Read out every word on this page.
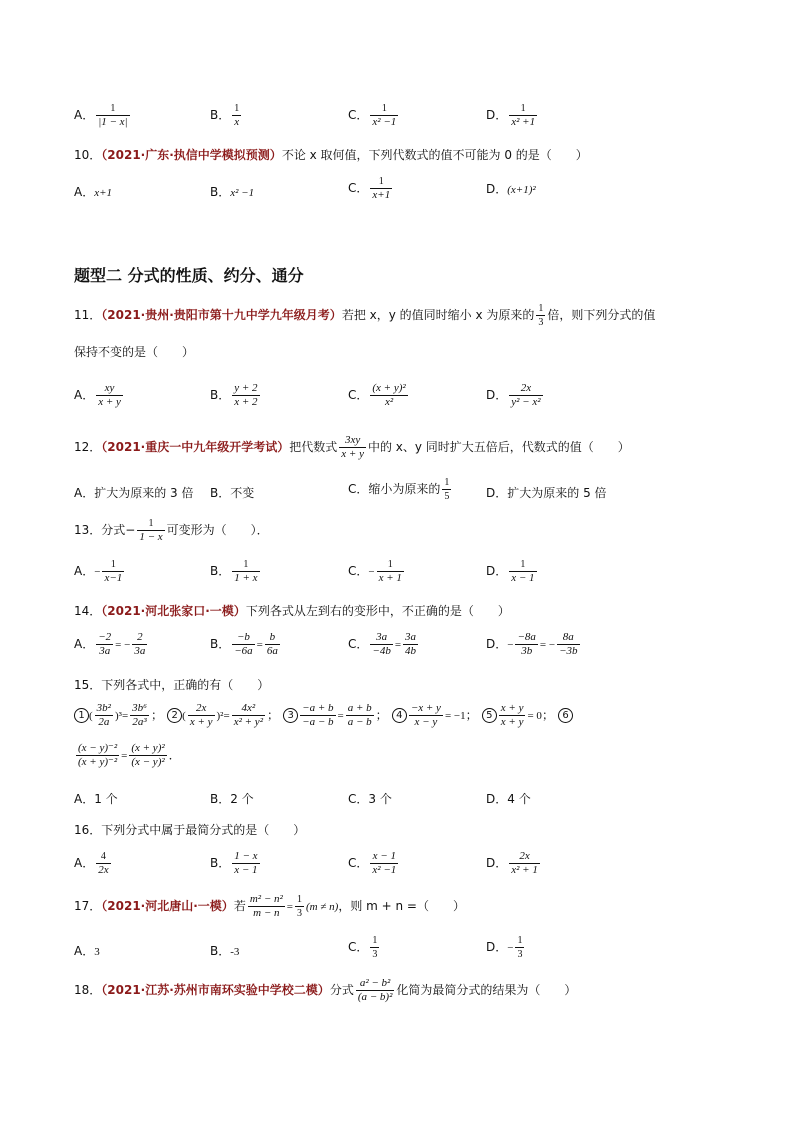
A． $\frac{1}{|1 - x|}$	B． $\frac{1}{x}$	C． $\frac{1}{\text{x² −1}}$	D． $\frac{1}{\text{x² +1}}$
10．（2021·广东·执信中学模拟预测）不论 x 取何值，下列代数式的值不可能为 0 的是（　　）
A．x+1	B．x² −1	C． $\frac{1}{x+1}$	D．(x+1)²
题型二 分式的性质、约分、通分
11．（2021·贵州·贵阳市第十九中学九年级月考）若把 x，y 的值同时缩小 x 为原来的 $\frac{1}{3}$ 倍，则下列分式的值
保持不变的是（　　）
A． $\frac{xy}{x + y}$	B． $\frac{y + 2}{x + 2}$	C． $\frac{\text{(x + y)²}}{\text{x²}}$	D． $\frac{2x}{\text{y² − x²}}$
12．（2021·重庆一中九年级开学考试）把代数式 $\frac{3xy}{x + y}$ 中的 x、y 同时扩大五倍后，代数式的值（　　）
A．扩大为原来的 3 倍 B．不变	C．缩小为原来的 $\frac{1}{5}$	D．扩大为原来的 5 倍
13．分式− $\frac{1}{1 - x}$ 可变形为（　　）．
A．− $\frac{1}{x-1}$	B． $\frac{1}{1 + x}$	C．− $\frac{1}{x + 1}$	D． $\frac{1}{x - 1}$
14．（2021·河北张家口·一模）下列各式从左到右的变形中，不正确的是（　　）
A． $\frac{-2}{3a}$ = − $\frac{2}{3a}$	B． $\frac{-b}{-6a} = \frac{b}{6a}$	C． $\frac{3a}{-4b} = \frac{3a}{4b}$	D．− $\frac{-8a}{3b}$ = − $\frac{8a}{-3b}$
15．下列各式中，正确的有（　　）
1 ( $\frac{\text{3b²}}{2a} )^3= \frac{\text{3b⁶}}{\text{2a³}}$ ； 2 ( $\frac{2x}{x + y} )^2= \frac{\text{4x²}}{\text{x² + y²}}$ ； $3 \frac{-a + b}{-a - b} = \frac{a + b}{a - b}$ ； $4 \frac{-x + y}{x - y} = -1$； $5 \frac{x + y}{x + y} = 0$； 6
$\frac{\text{(x − y)⁻²}}{\text{(x + y)⁻²}} = \frac{\text{(x + y)²}}{\text{(x − y)²}}$ ．
A．1 个	B．2 个	C．3 个	D．4 个
16．下列分式中属于最简分式的是（　　）
A． $\frac{4}{2x}$	B． $\frac{1 - x}{x - 1}$	C． $\frac{x - 1}{\text{x² −1}}$	D． $\frac{2x}{\text{x² + 1}}$
17．（2021·河北唐山·一模）若 $\frac{\text{m² − n²}}{m - n} = \frac{1}{3} (m \ne n)$，则 m + n =（　　）
A．3	B．-3	C． $\frac{1}{3}$	D．− $\frac{1}{3}$
18．（2021·江苏·苏州市南环实验中学校二模）分式 $\frac{\text{a² − b²}}{\text{(a − b)²}}$ 化简为最简分式的结果为（　　）
